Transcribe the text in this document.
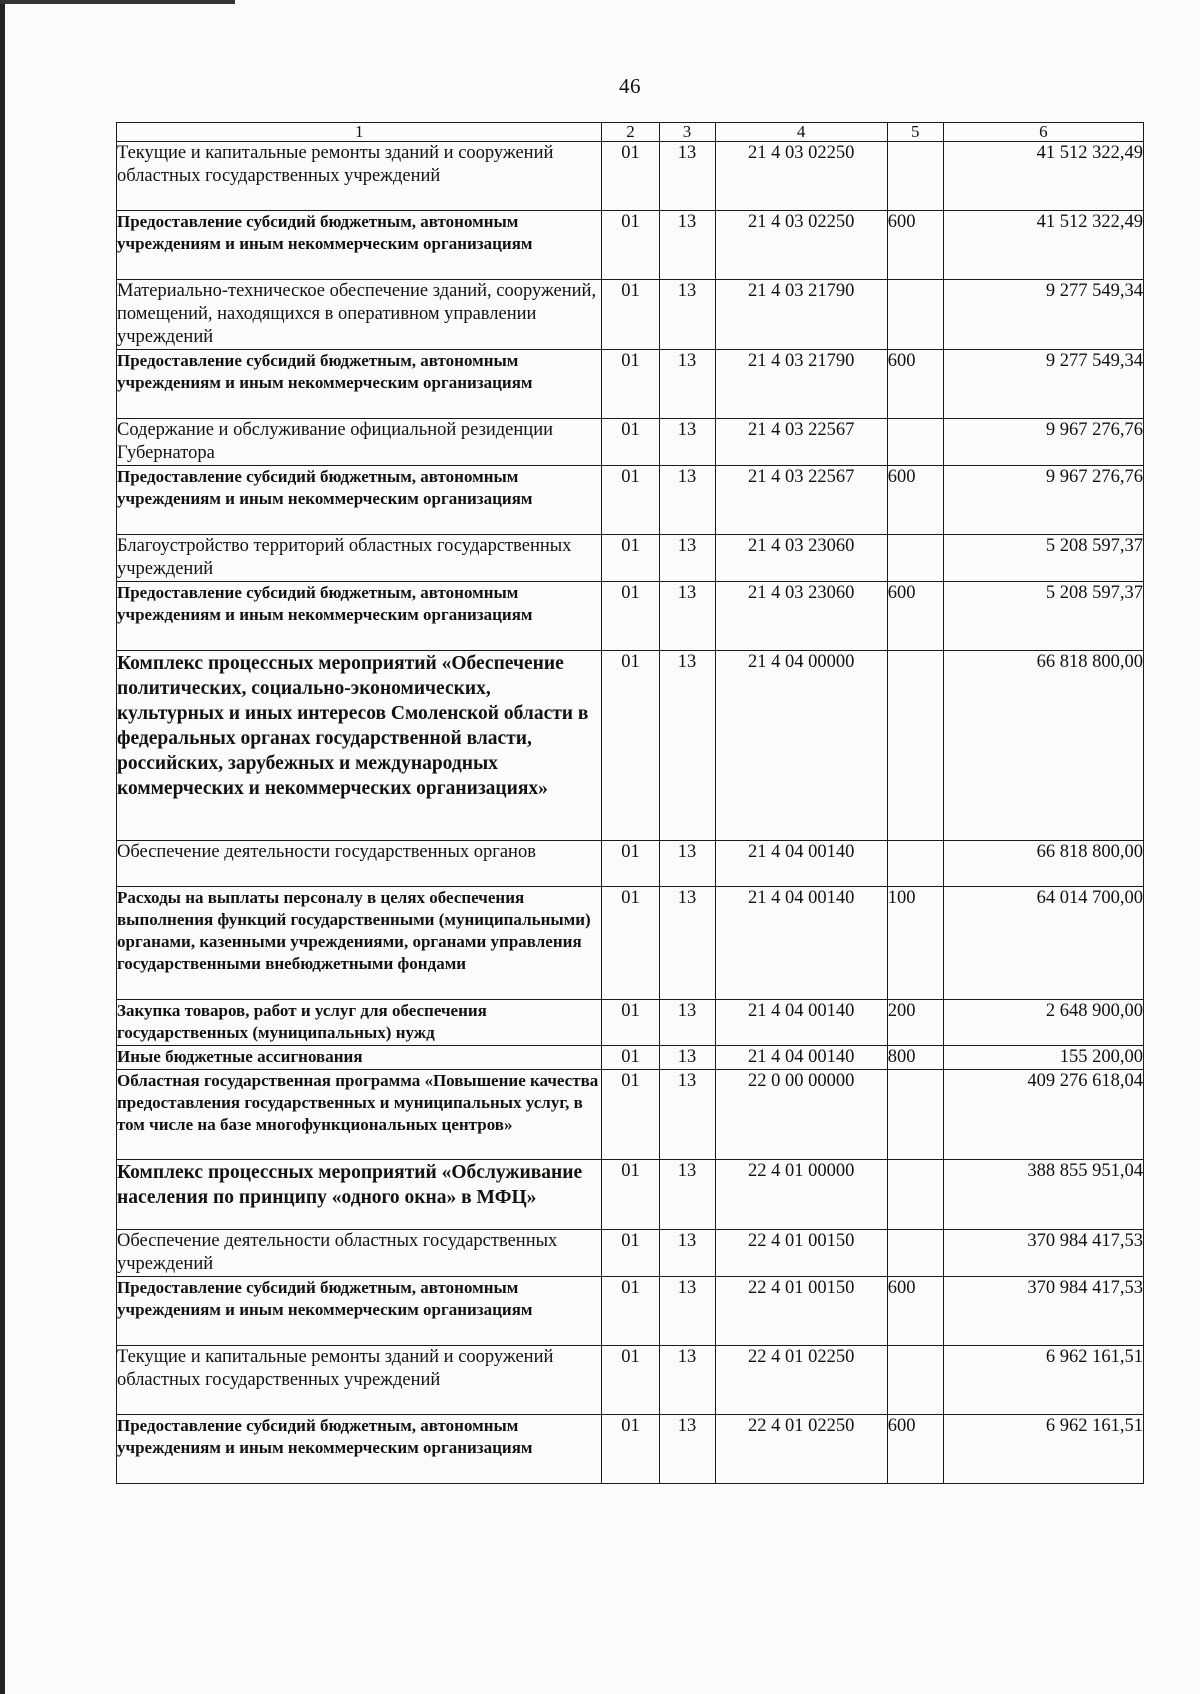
46
1	2	3	4	5	6
Текущие и капитальные ремонты зданий и сооружений областных государственных учреждений	01	13	21 4 03 02250		41 512 322,49
Предоставление субсидий бюджетным, автономным учреждениям и иным некоммерческим организациям	01	13	21 4 03 02250	600	41 512 322,49
Материально-техническое обеспечение зданий, сооружений, помещений, находящихся в оперативном управлении учреждений	01	13	21 4 03 21790		9 277 549,34
Предоставление субсидий бюджетным, автономным учреждениям и иным некоммерческим организациям	01	13	21 4 03 21790	600	9 277 549,34
Содержание и обслуживание официальной резиденции Губернатора	01	13	21 4 03 22567		9 967 276,76
Предоставление субсидий бюджетным, автономным учреждениям и иным некоммерческим организациям	01	13	21 4 03 22567	600	9 967 276,76
Благоустройство территорий областных государственных учреждений	01	13	21 4 03 23060		5 208 597,37
Предоставление субсидий бюджетным, автономным учреждениям и иным некоммерческим организациям	01	13	21 4 03 23060	600	5 208 597,37
Комплекс процессных мероприятий «Обеспечение политических, социально-экономических, культурных и иных интересов Смоленской области в федеральных органах государственной власти, российских, зарубежных и международных коммерческих и некоммерческих организациях»	01	13	21 4 04 00000		66 818 800,00
Обеспечение деятельности государственных органов	01	13	21 4 04 00140		66 818 800,00
Расходы на выплаты персоналу в целях обеспечения выполнения функций государственными (муниципальными) органами, казенными учреждениями, органами управления государственными внебюджетными фондами	01	13	21 4 04 00140	100	64 014 700,00
Закупка товаров, работ и услуг для обеспечения государственных (муниципальных) нужд	01	13	21 4 04 00140	200	2 648 900,00
Иные бюджетные ассигнования	01	13	21 4 04 00140	800	155 200,00
Областная государственная программа «Повышение качества предоставления государственных и муниципальных услуг, в том числе на базе многофункциональных центров»	01	13	22 0 00 00000		409 276 618,04
Комплекс процессных мероприятий «Обслуживание населения по принципу «одного окна» в МФЦ»	01	13	22 4 01 00000		388 855 951,04
Обеспечение деятельности областных государственных учреждений	01	13	22 4 01 00150		370 984 417,53
Предоставление субсидий бюджетным, автономным учреждениям и иным некоммерческим организациям	01	13	22 4 01 00150	600	370 984 417,53
Текущие и капитальные ремонты зданий и сооружений областных государственных учреждений	01	13	22 4 01 02250		6 962 161,51
Предоставление субсидий бюджетным, автономным учреждениям и иным некоммерческим организациям	01	13	22 4 01 02250	600	6 962 161,51
